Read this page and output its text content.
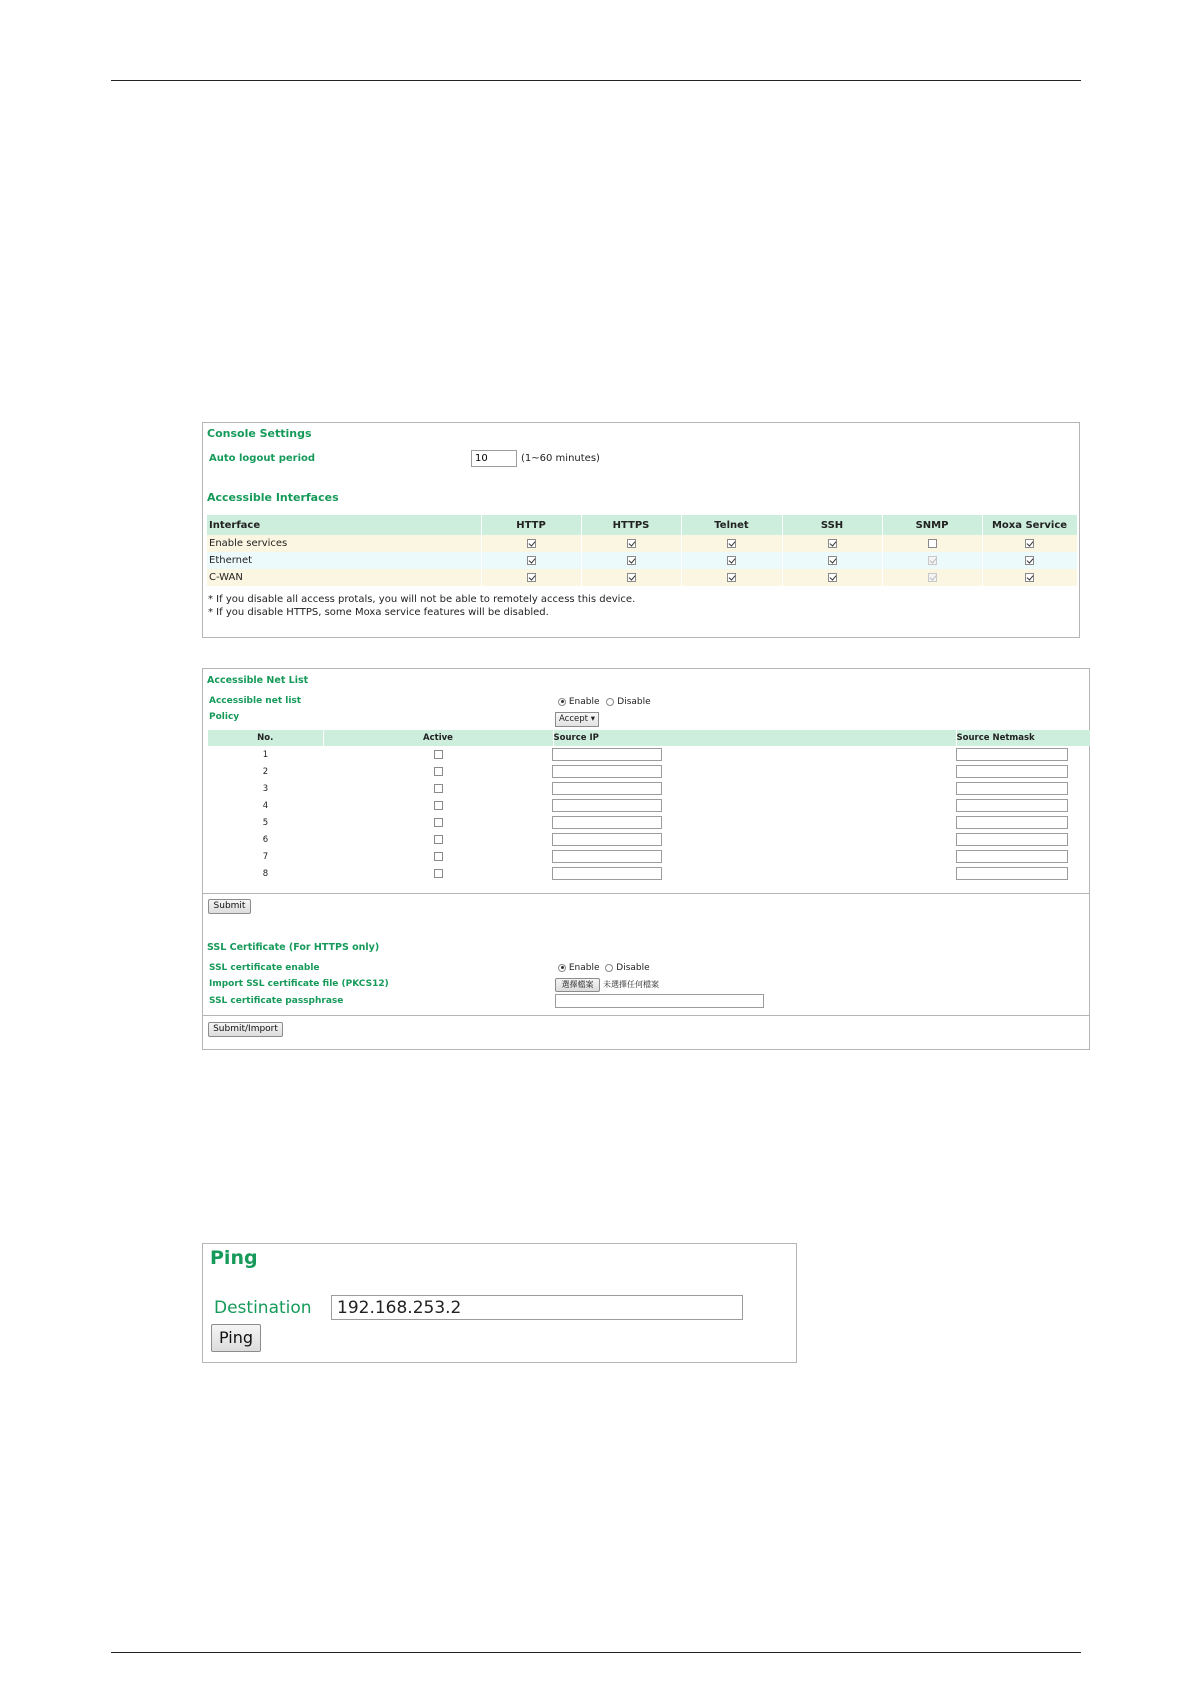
Console Settings
Auto logout period
10	(1~60 minutes)
Accessible Interfaces
Interface	HTTP	HTTPS	Telnet	SSH	SNMP	Moxa Service
Enable services						
Ethernet						
C-WAN						
* If you disable all access protals, you will not be able to remotely access this device.
* If you disable HTTPS, some Moxa service features will be disabled.
Accessible Net List
Accessible net list	Enable Disable
Policy	Accept ▾
No.	Active	Source IP	Source Netmask
1			
2			
3			
4			
5			
6			
7			
8			
Submit
SSL Certificate (For HTTPS only)
SSL certificate enable	Enable Disable
Import SSL certificate file (PKCS12)	選擇檔案	未選擇任何檔案
SSL certificate passphrase
Submit/Import
Ping
Destination
192.168.253.2
Ping
